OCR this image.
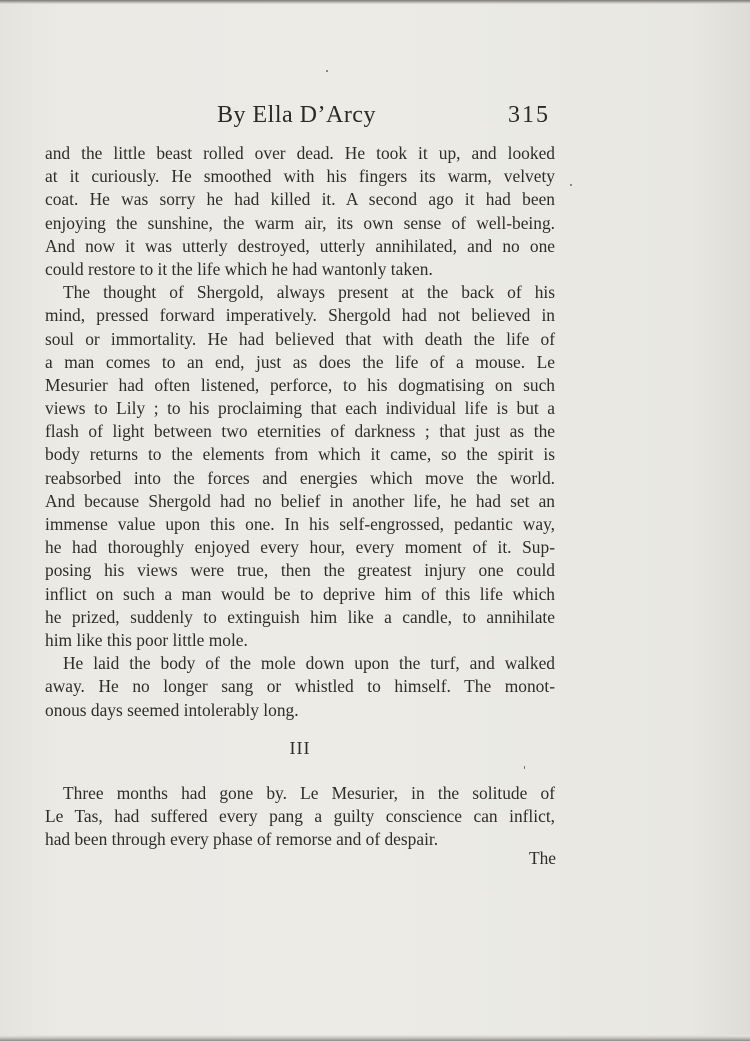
By Ella D’Arcy	315
and the little beast rolled over dead. He took it up, and looked
at it curiously. He smoothed with his fingers its warm, velvety
coat. He was sorry he had killed it. A second ago it had been
enjoying the sunshine, the warm air, its own sense of well-being.
And now it was utterly destroyed, utterly annihilated, and no one
could restore to it the life which he had wantonly taken.
The thought of Shergold, always present at the back of his
mind, pressed forward imperatively. Shergold had not believed in
soul or immortality. He had believed that with death the life of
a man comes to an end, just as does the life of a mouse. Le
Mesurier had often listened, perforce, to his dogmatising on such
views to Lily ; to his proclaiming that each individual life is but a
flash of light between two eternities of darkness ; that just as the
body returns to the elements from which it came, so the spirit is
reabsorbed into the forces and energies which move the world.
And because Shergold had no belief in another life, he had set an
immense value upon this one. In his self-engrossed, pedantic way,
he had thoroughly enjoyed every hour, every moment of it. Sup-
posing his views were true, then the greatest injury one could
inflict on such a man would be to deprive him of this life which
he prized, suddenly to extinguish him like a candle, to annihilate
him like this poor little mole.
He laid the body of the mole down upon the turf, and walked
away. He no longer sang or whistled to himself. The monot-
onous days seemed intolerably long.
III
Three months had gone by. Le Mesurier, in the solitude of
Le Tas, had suffered every pang a guilty conscience can inflict,
had been through every phase of remorse and of despair.
The
